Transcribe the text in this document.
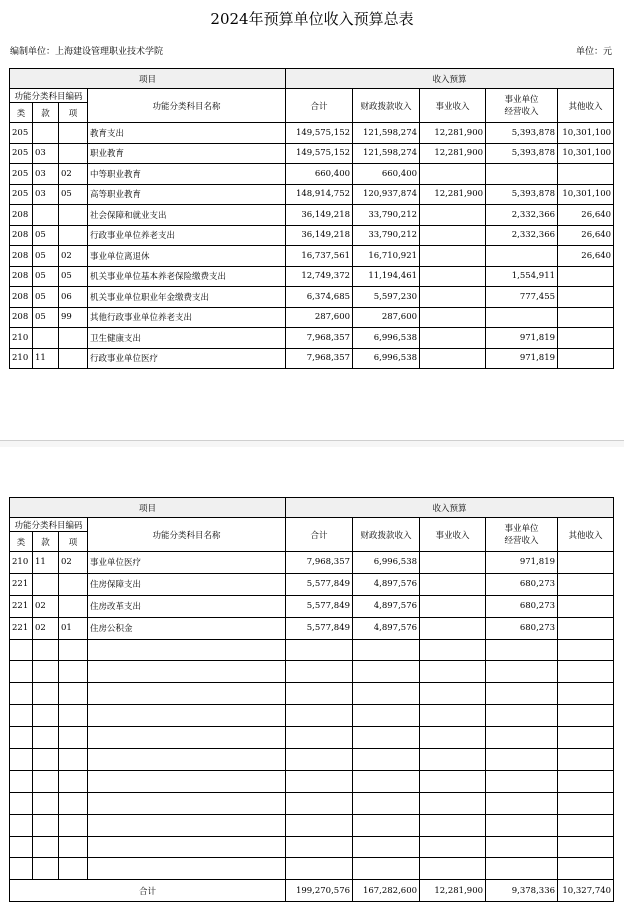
2024年预算单位收入预算总表
编制单位：上海建设管理职业技术学院	单位：元
项目				收入预算				
功能分类科目编码			功能分类科目名称	合计	财政拨款收入	事业收入	事业单位
经营收入	其他收入
类	款	项						
205			教育支出	149,575,152	121,598,274	12,281,900	5,393,878	10,301,100
205	03		职业教育	149,575,152	121,598,274	12,281,900	5,393,878	10,301,100
205	03	02	中等职业教育	660,400	660,400			
205	03	05	高等职业教育	148,914,752	120,937,874	12,281,900	5,393,878	10,301,100
208			社会保障和就业支出	36,149,218	33,790,212		2,332,366	26,640
208	05		行政事业单位养老支出	36,149,218	33,790,212		2,332,366	26,640
208	05	02	事业单位离退休	16,737,561	16,710,921			26,640
208	05	05	机关事业单位基本养老保险缴费支出	12,749,372	11,194,461		1,554,911	
208	05	06	机关事业单位职业年金缴费支出	6,374,685	5,597,230		777,455	
208	05	99	其他行政事业单位养老支出	287,600	287,600			
210			卫生健康支出	7,968,357	6,996,538		971,819	
210	11		行政事业单位医疗	7,968,357	6,996,538		971,819	
项目				收入预算				
功能分类科目编码			功能分类科目名称	合计	财政拨款收入	事业收入	事业单位
经营收入	其他收入
类	款	项						
210	11	02	事业单位医疗	7,968,357	6,996,538		971,819	
221			住房保障支出	5,577,849	4,897,576		680,273	
221	02		住房改革支出	5,577,849	4,897,576		680,273	
221	02	01	住房公积金	5,577,849	4,897,576		680,273	

合计				199,270,576	167,282,600	12,281,900	9,378,336	10,327,740
